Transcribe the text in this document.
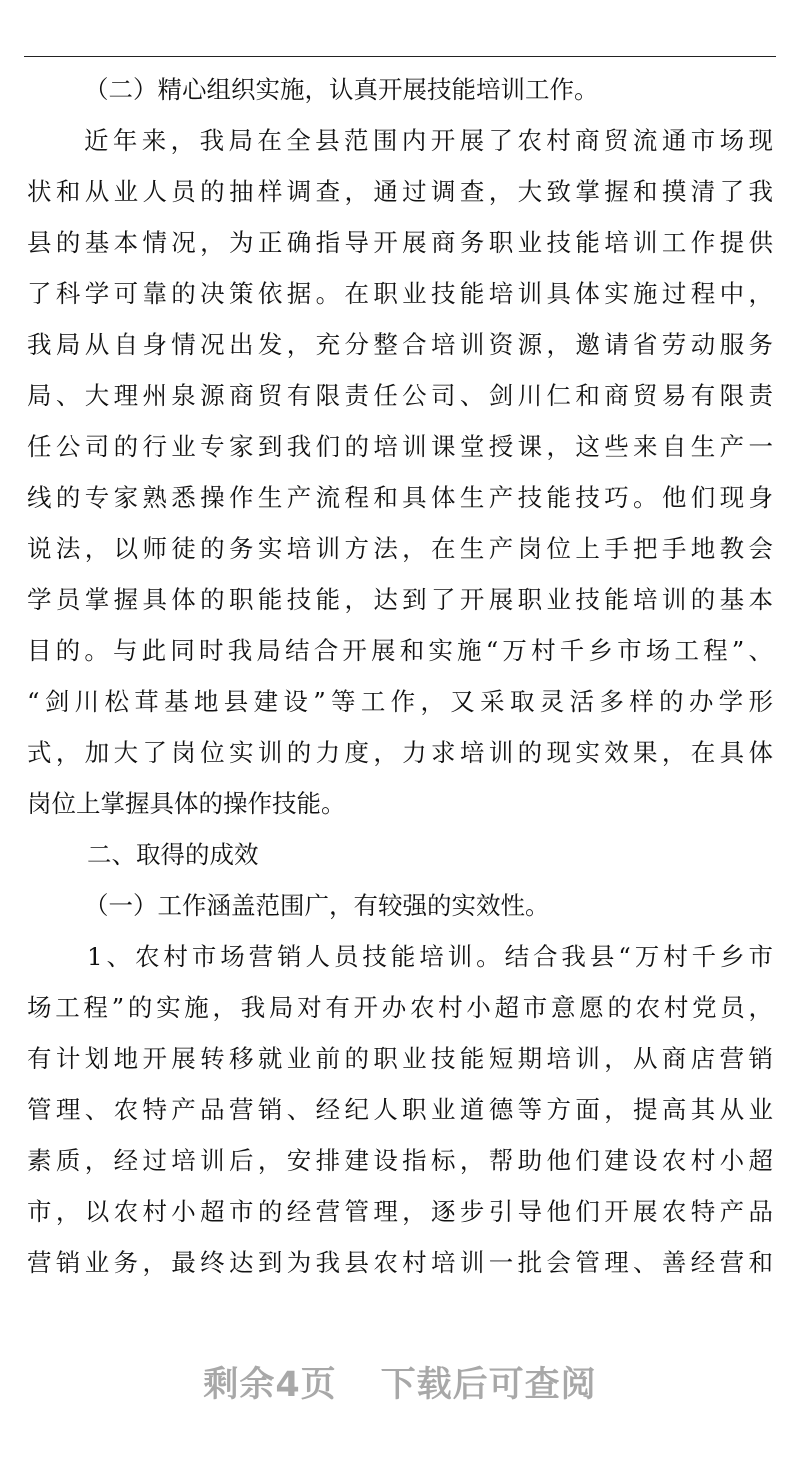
（二）精心组织实施，认真开展技能培训工作。
近年来，我局在全县范围内开展了农村商贸流通市场现
状和从业人员的抽样调查，通过调查，大致掌握和摸清了我
县的基本情况，为正确指导开展商务职业技能培训工作提供
了科学可靠的决策依据。在职业技能培训具体实施过程中，
我局从自身情况出发，充分整合培训资源，邀请省劳动服务
局、大理州泉源商贸有限责任公司、剑川仁和商贸易有限责
任公司的行业专家到我们的培训课堂授课，这些来自生产一
线的专家熟悉操作生产流程和具体生产技能技巧。他们现身
说法，以师徒的务实培训方法，在生产岗位上手把手地教会
学员掌握具体的职能技能，达到了开展职业技能培训的基本
目的。与此同时我局结合开展和实施“万村千乡市场工程”、
“剑川松茸基地县建设”等工作，又采取灵活多样的办学形
式，加大了岗位实训的力度，力求培训的现实效果，在具体
岗位上掌握具体的操作技能。
二、取得的成效
（一）工作涵盖范围广，有较强的实效性。
1、农村市场营销人员技能培训。结合我县“万村千乡市
场工程”的实施，我局对有开办农村小超市意愿的农村党员，
有计划地开展转移就业前的职业技能短期培训，从商店营销
管理、农特产品营销、经纪人职业道德等方面，提高其从业
素质，经过培训后，安排建设指标，帮助他们建设农村小超
市，以农村小超市的经营管理，逐步引导他们开展农特产品
营销业务，最终达到为我县农村培训一批会管理、善经营和
剩余4页 下载后可查阅
